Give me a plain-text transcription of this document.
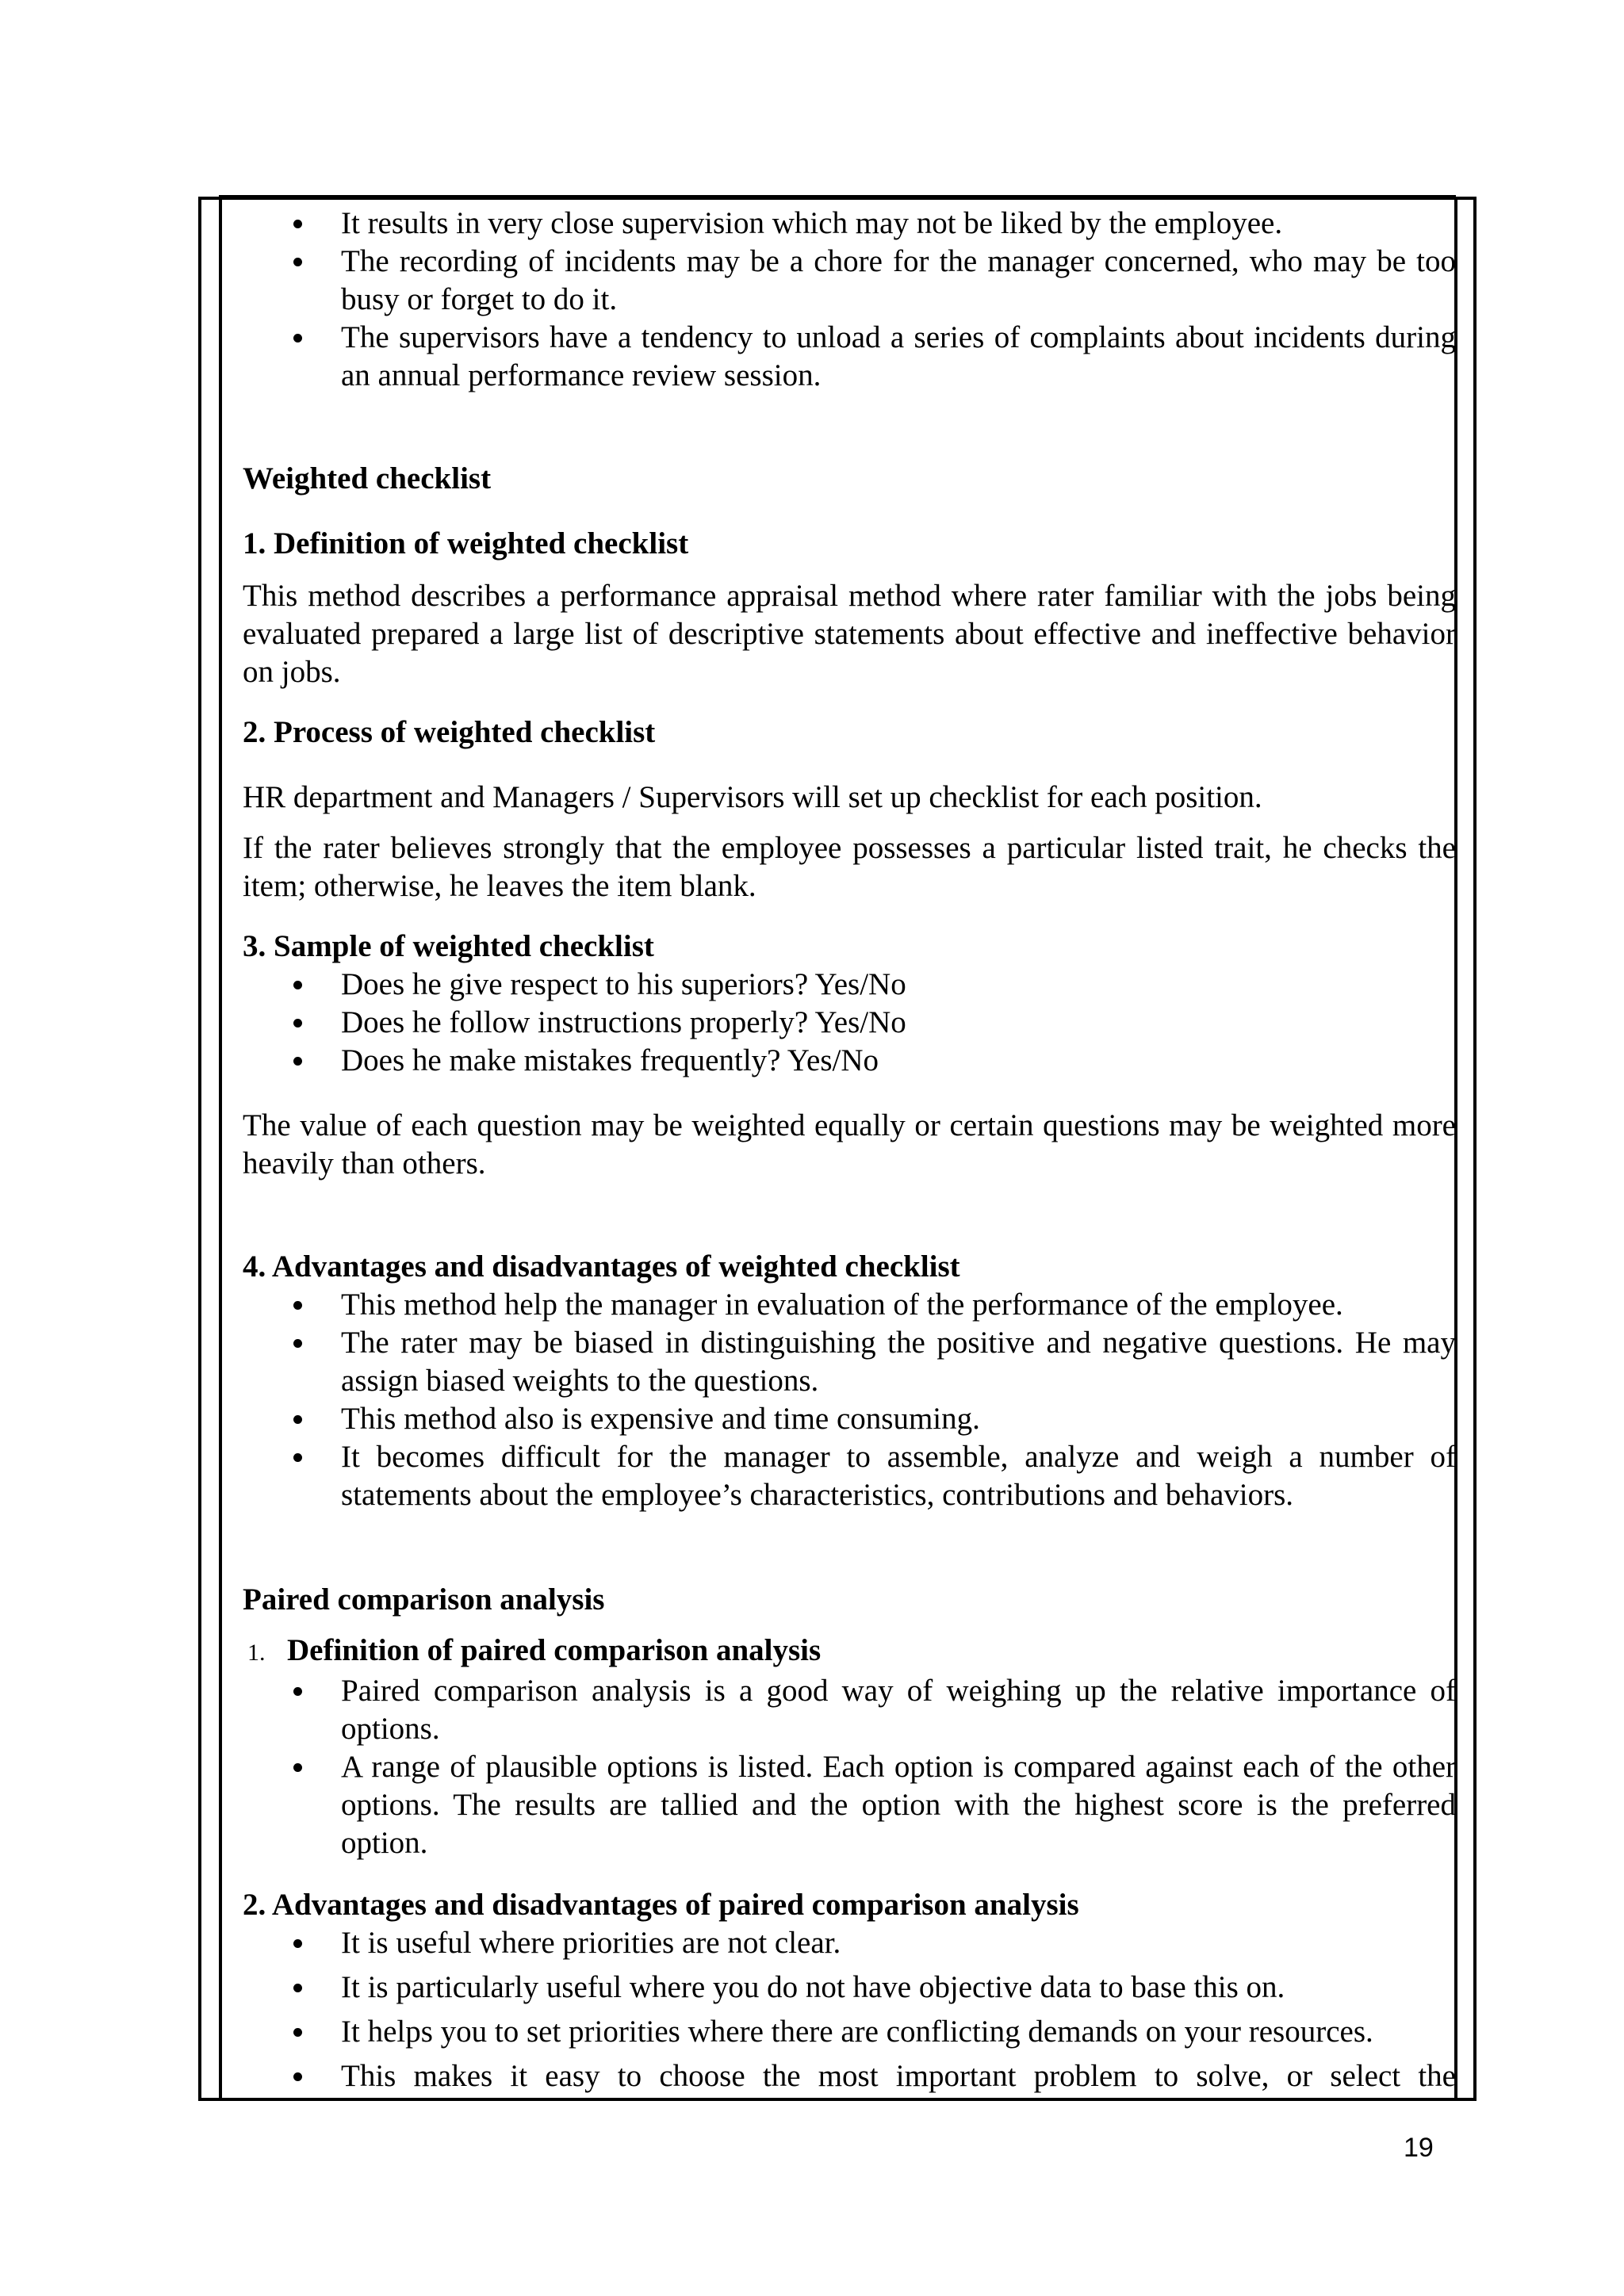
It results in very close supervision which may not be liked by the employee.
The recording of incidents may be a chore for the manager concerned, who may be too busy or forget to do it.
The supervisors have a tendency to unload a series of complaints about incidents during an annual performance review session.

Weighted checklist

1. Definition of weighted checklist

This method describes a performance appraisal method where rater familiar with the jobs being evaluated prepared a large list of descriptive statements about effective and ineffective behavior on jobs.

2. Process of weighted checklist

HR department and Managers / Supervisors will set up checklist for each position.

If the rater believes strongly that the employee possesses a particular listed trait, he checks the item; otherwise, he leaves the item blank.

3. Sample of weighted checklist

Does he give respect to his superiors? Yes/No
Does he follow instructions properly? Yes/No
Does he make mistakes frequently? Yes/No

The value of each question may be weighted equally or certain questions may be weighted more heavily than others.

4. Advantages and disadvantages of weighted checklist

This method help the manager in evaluation of the performance of the employee.
The rater may be biased in distinguishing the positive and negative questions. He may assign biased weights to the questions.
This method also is expensive and time consuming.
It becomes difficult for the manager to assemble, analyze and weigh a number of statements about the employee’s characteristics, contributions and behaviors.

Paired comparison analysis

1. Definition of paired comparison analysis
Paired comparison analysis is a good way of weighing up the relative importance of options.
A range of plausible options is listed. Each option is compared against each of the other options. The results are tallied and the option with the highest score is the preferred option.

2. Advantages and disadvantages of paired comparison analysis

It is useful where priorities are not clear.
It is particularly useful where you do not have objective data to base this on.
It helps you to set priorities where there are conflicting demands on your resources.
This makes it easy to choose the most important problem to solve, or select the
19
